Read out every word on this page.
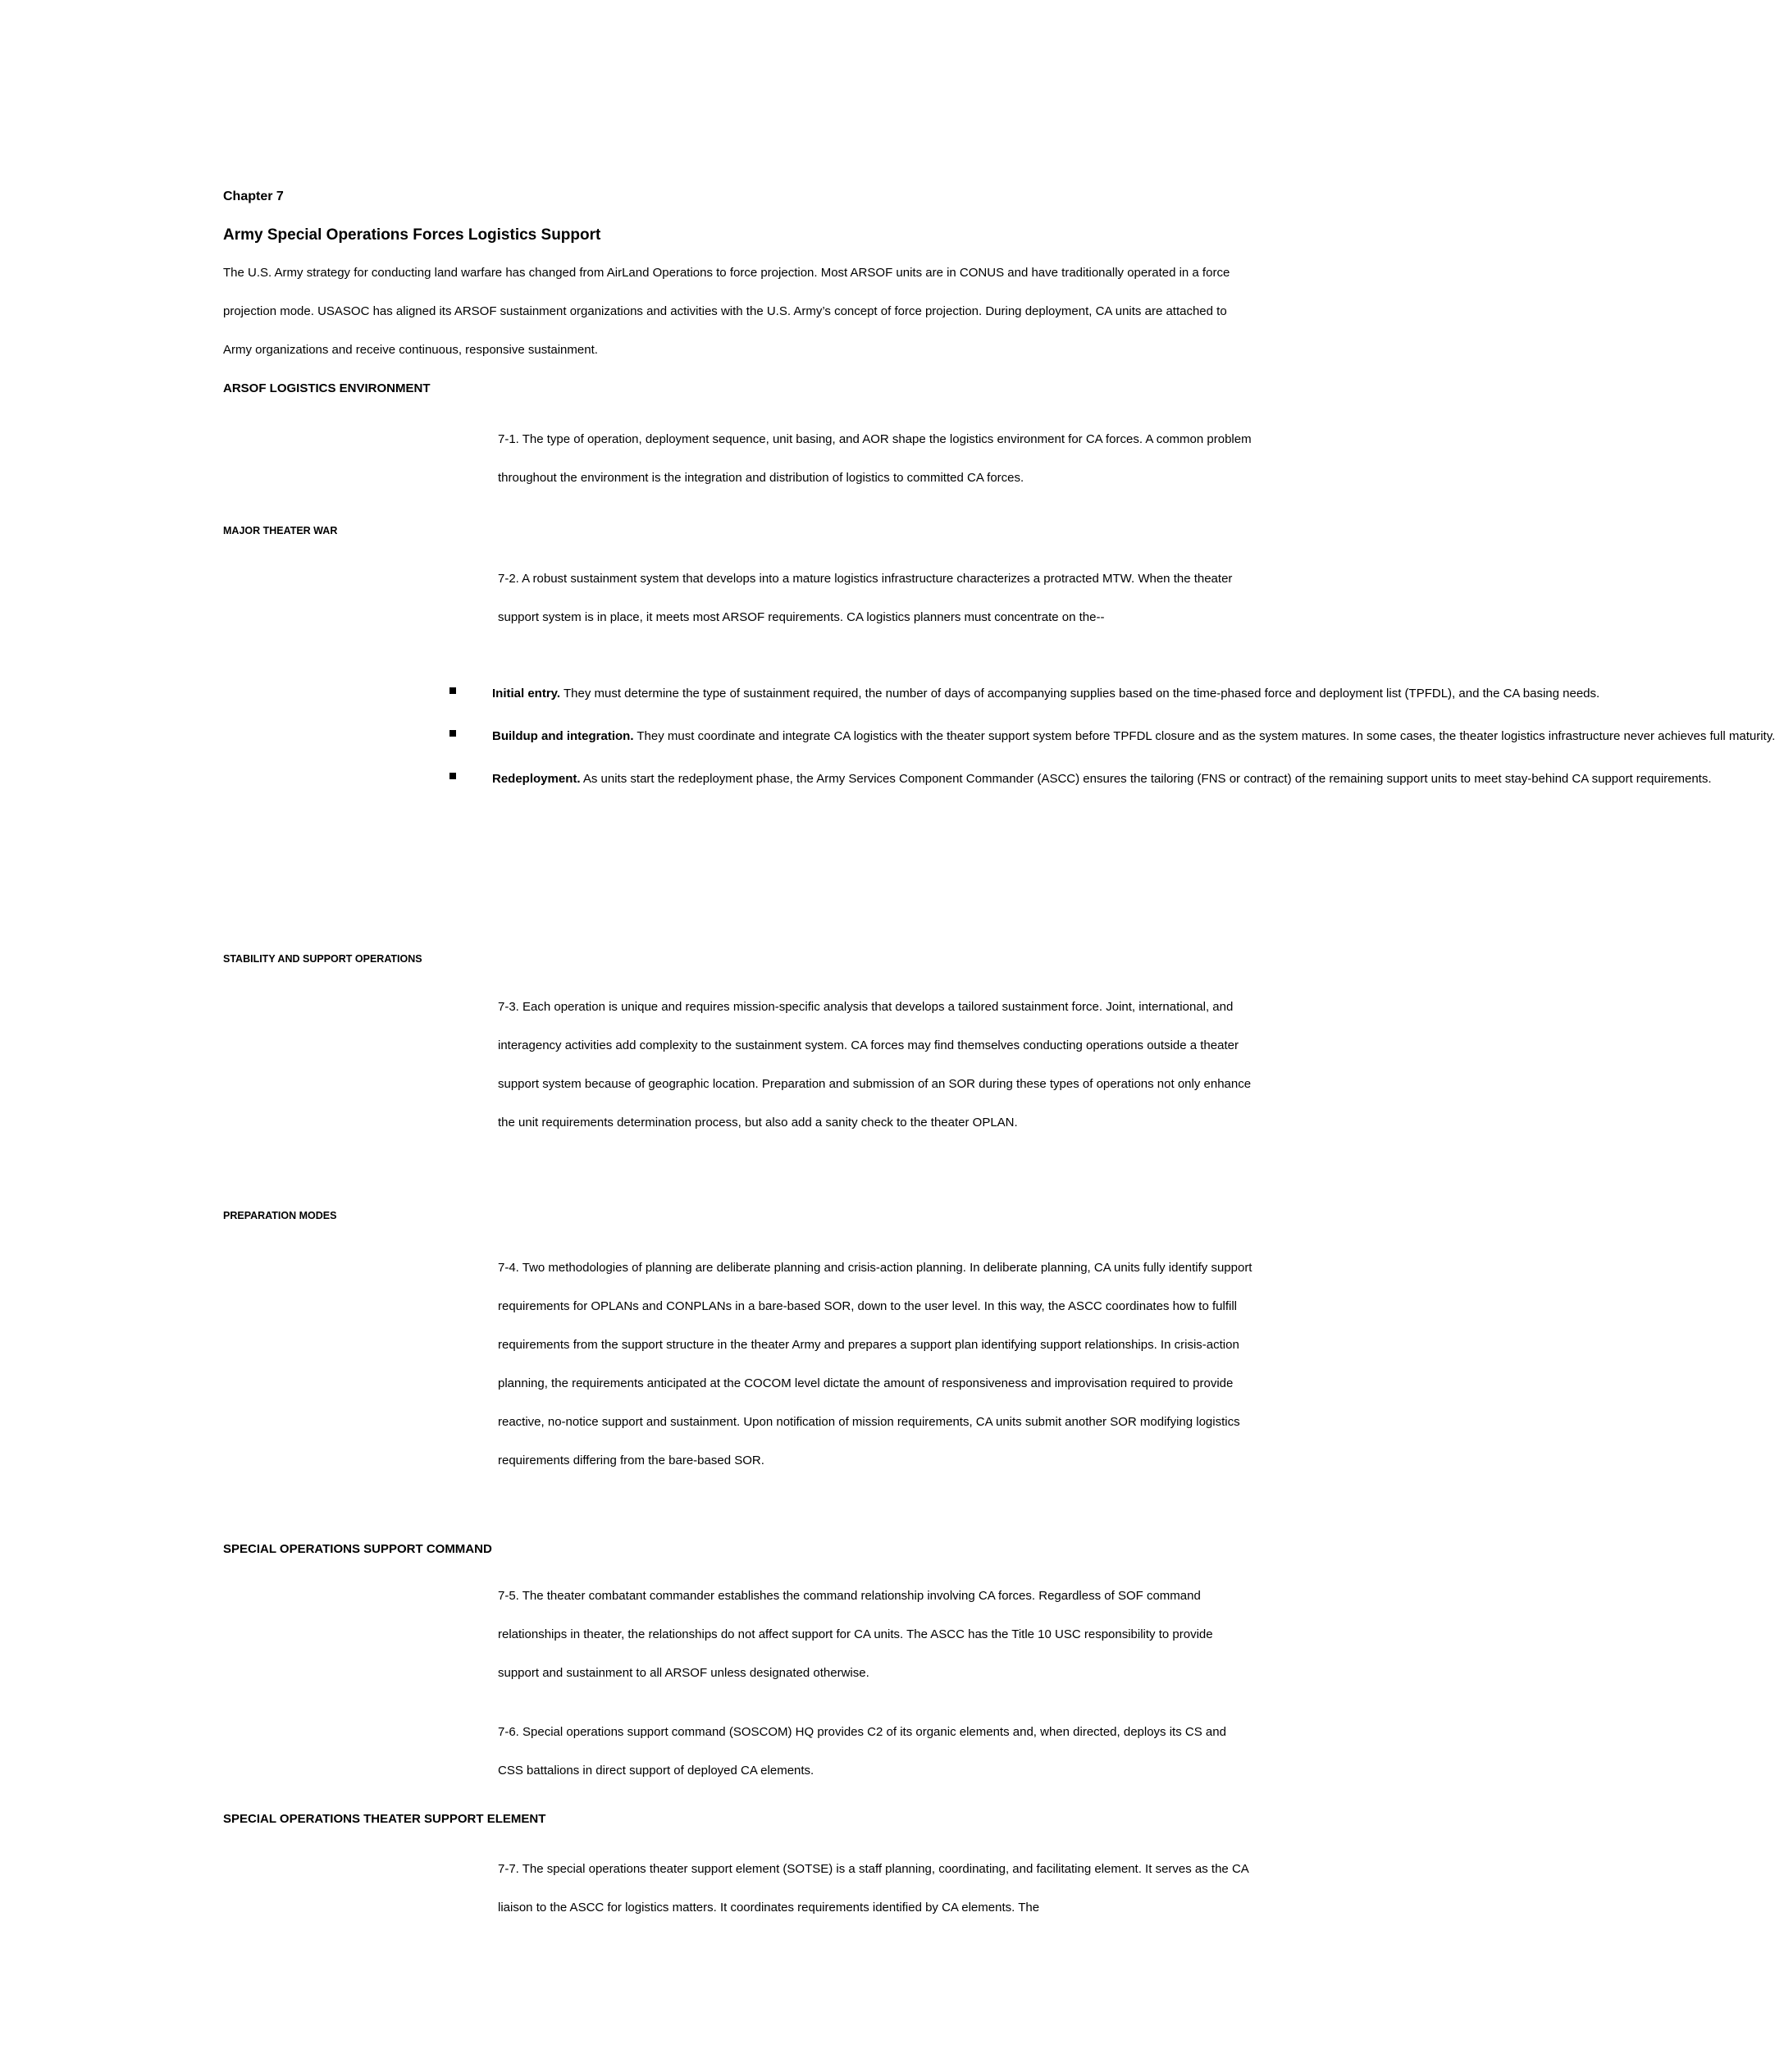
Chapter 7

Army Special Operations Forces Logistics Support

The U.S. Army strategy for conducting land warfare has changed from AirLand Operations to force projection. Most ARSOF units are in CONUS and have traditionally operated in a force projection mode. USASOC has aligned its ARSOF sustainment organizations and activities with the U.S. Army’s concept of force projection. During deployment, CA units are attached to Army organizations and receive continuous, responsive sustainment.

ARSOF LOGISTICS ENVIRONMENT

7-1. The type of operation, deployment sequence, unit basing, and AOR shape the logistics environment for CA forces. A common problem throughout the environment is the integration and distribution of logistics to committed CA forces.

MAJOR THEATER WAR

7-2. A robust sustainment system that develops into a mature logistics infrastructure characterizes a protracted MTW. When the theater support system is in place, it meets most ARSOF requirements. CA logistics planners must concentrate on the--

Initial entry. They must determine the type of sustainment required, the number of days of accompanying supplies based on the time-phased force and deployment list (TPFDL), and the CA basing needs.
Buildup and integration. They must coordinate and integrate CA logistics with the theater support system before TPFDL closure and as the system matures. In some cases, the theater logistics infrastructure never achieves full maturity.
Redeployment. As units start the redeployment phase, the Army Services Component Commander (ASCC) ensures the tailoring (FNS or contract) of the remaining support units to meet stay-behind CA support requirements.

STABILITY AND SUPPORT OPERATIONS

7-3. Each operation is unique and requires mission-specific analysis that develops a tailored sustainment force. Joint, international, and interagency activities add complexity to the sustainment system. CA forces may find themselves conducting operations outside a theater support system because of geographic location. Preparation and submission of an SOR during these types of operations not only enhance the unit requirements determination process, but also add a sanity check to the theater OPLAN.

PREPARATION MODES

7-4. Two methodologies of planning are deliberate planning and crisis-action planning. In deliberate planning, CA units fully identify support requirements for OPLANs and CONPLANs in a bare-based SOR, down to the user level. In this way, the ASCC coordinates how to fulfill requirements from the support structure in the theater Army and prepares a support plan identifying support relationships. In crisis-action planning, the requirements anticipated at the COCOM level dictate the amount of responsiveness and improvisation required to provide reactive, no-notice support and sustainment. Upon notification of mission requirements, CA units submit another SOR modifying logistics requirements differing from the bare-based SOR.

SPECIAL OPERATIONS SUPPORT COMMAND

7-5. The theater combatant commander establishes the command relationship involving CA forces. Regardless of SOF command relationships in theater, the relationships do not affect support for CA units. The ASCC has the Title 10 USC responsibility to provide support and sustainment to all ARSOF unless designated otherwise.

7-6. Special operations support command (SOSCOM) HQ provides C2 of its organic elements and, when directed, deploys its CS and CSS battalions in direct support of deployed CA elements.

SPECIAL OPERATIONS THEATER SUPPORT ELEMENT

7-7. The special operations theater support element (SOTSE) is a staff planning, coordinating, and facilitating element. It serves as the CA liaison to the ASCC for logistics matters. It coordinates requirements identified by CA elements. The
